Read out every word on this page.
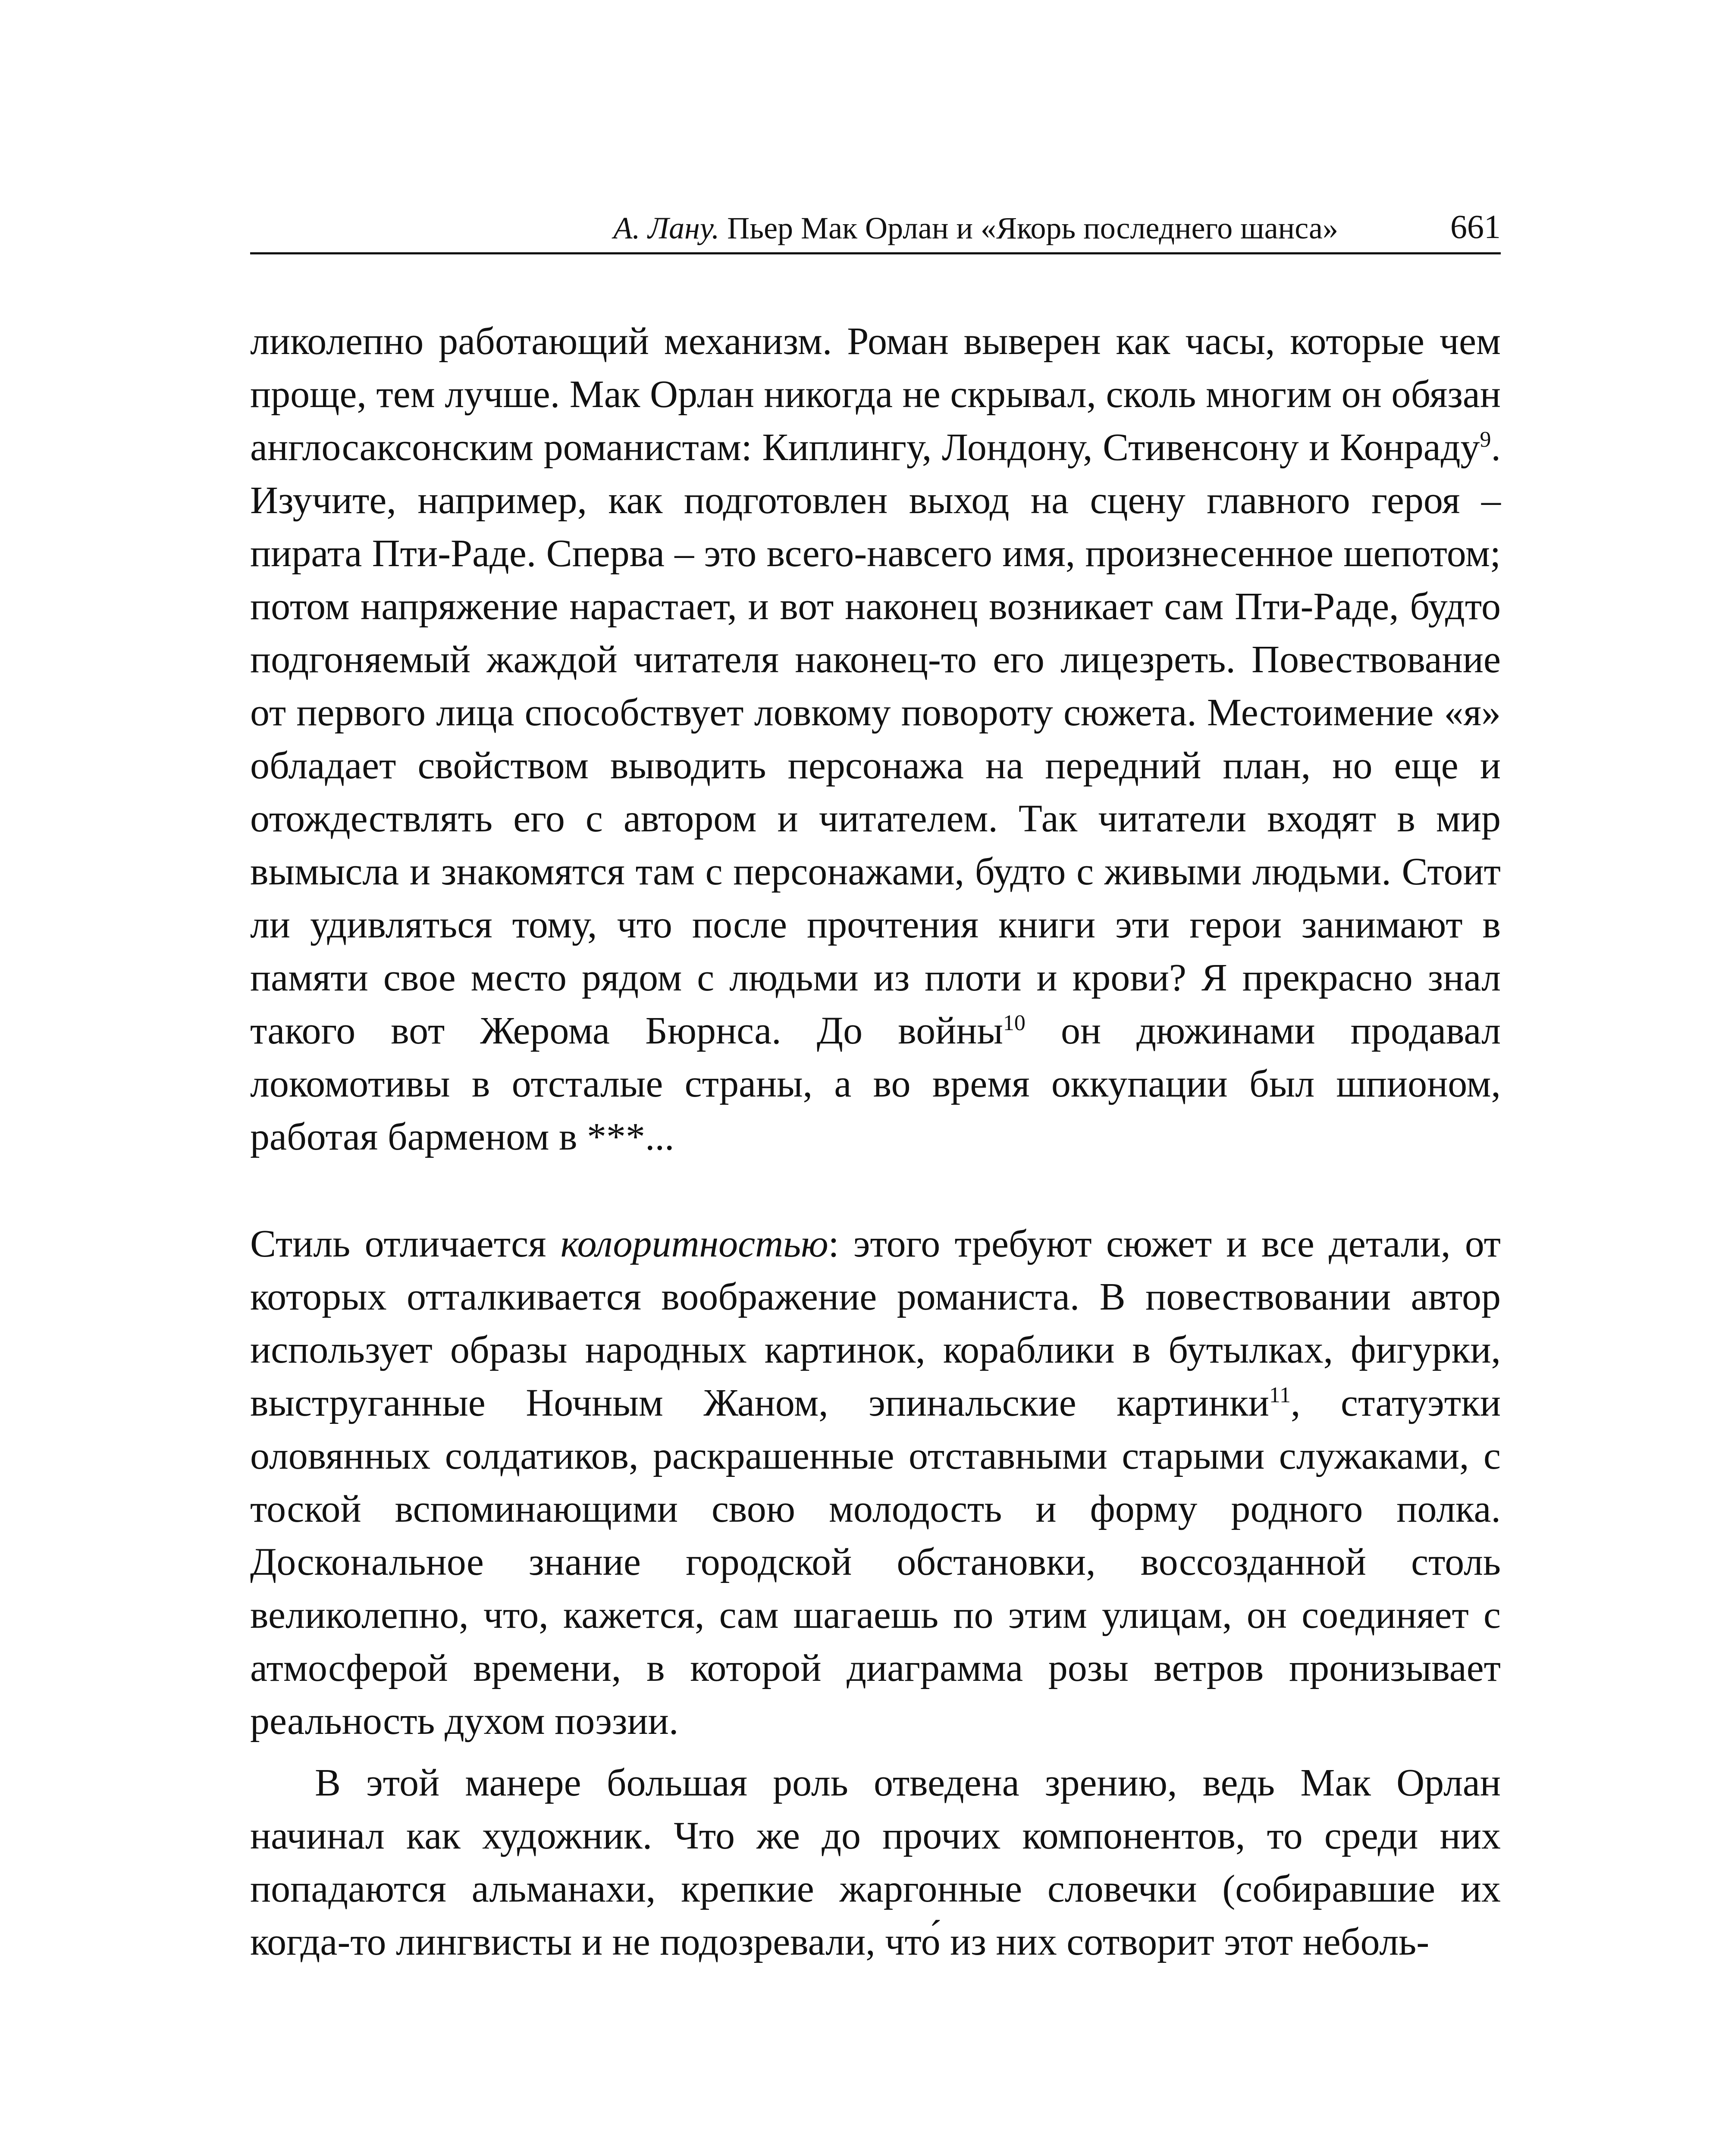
А. Лану. Пьер Мак Орлан и «Якорь последнего шанса»	661

ликолепно работающий механизм. Роман выверен как часы, которые чем проще, тем лучше. Мак Орлан никогда не скрывал, сколь многим он обязан англосаксонским романистам: Киплингу, Лондону, Стивенсону и Конраду$^9$. Изучите, например, как подготовлен выход на сцену главного героя – пирата Пти-Раде. Сперва – это всего-навсего имя, произнесенное шепотом; потом напряжение нарастает, и вот наконец возникает сам Пти-Раде, будто подгоняемый жаждой читателя наконец-то его лицезреть. Повествование от первого лица способствует ловкому повороту сюжета. Местоимение «я» обладает свойством выводить персонажа на передний план, но еще и отождествлять его с автором и читателем. Так читатели входят в мир вымысла и знакомятся там с персонажами, будто с живыми людьми. Стоит ли удивляться тому, что после прочтения книги эти герои занимают в памяти свое место рядом с людьми из плоти и крови? Я прекрасно знал такого вот Жерома Бюрнса. До войны$^{10}$ он дюжинами продавал локомотивы в отсталые страны, а во время оккупации был шпионом, работая барменом в ***...

Стиль отличается колоритностью: этого требуют сюжет и все детали, от которых отталкивается воображение романиста. В повествовании автор использует образы народных картинок, кораблики в бутылках, фигурки, выструганные Ночным Жаном, эпинальские картинки$^{11}$, статуэтки оловянных солдатиков, раскрашенные отставными старыми служаками, с тоской вспоминающими свою молодость и форму родного полка. Доскональное знание городской обстановки, воссозданной столь великолепно, что, кажется, сам шагаешь по этим улицам, он соединяет с атмосферой времени, в которой диаграмма розы ветров пронизывает реальность духом поэзии.

В этой манере большая роль отведена зрению, ведь Мак Орлан начинал как художник. Что же до прочих компонентов, то среди них попадаются альманахи, крепкие жаргонные словечки (собиравшие их когда-то лингвисты и не подозревали, что́ из них сотворит этот неболь-
